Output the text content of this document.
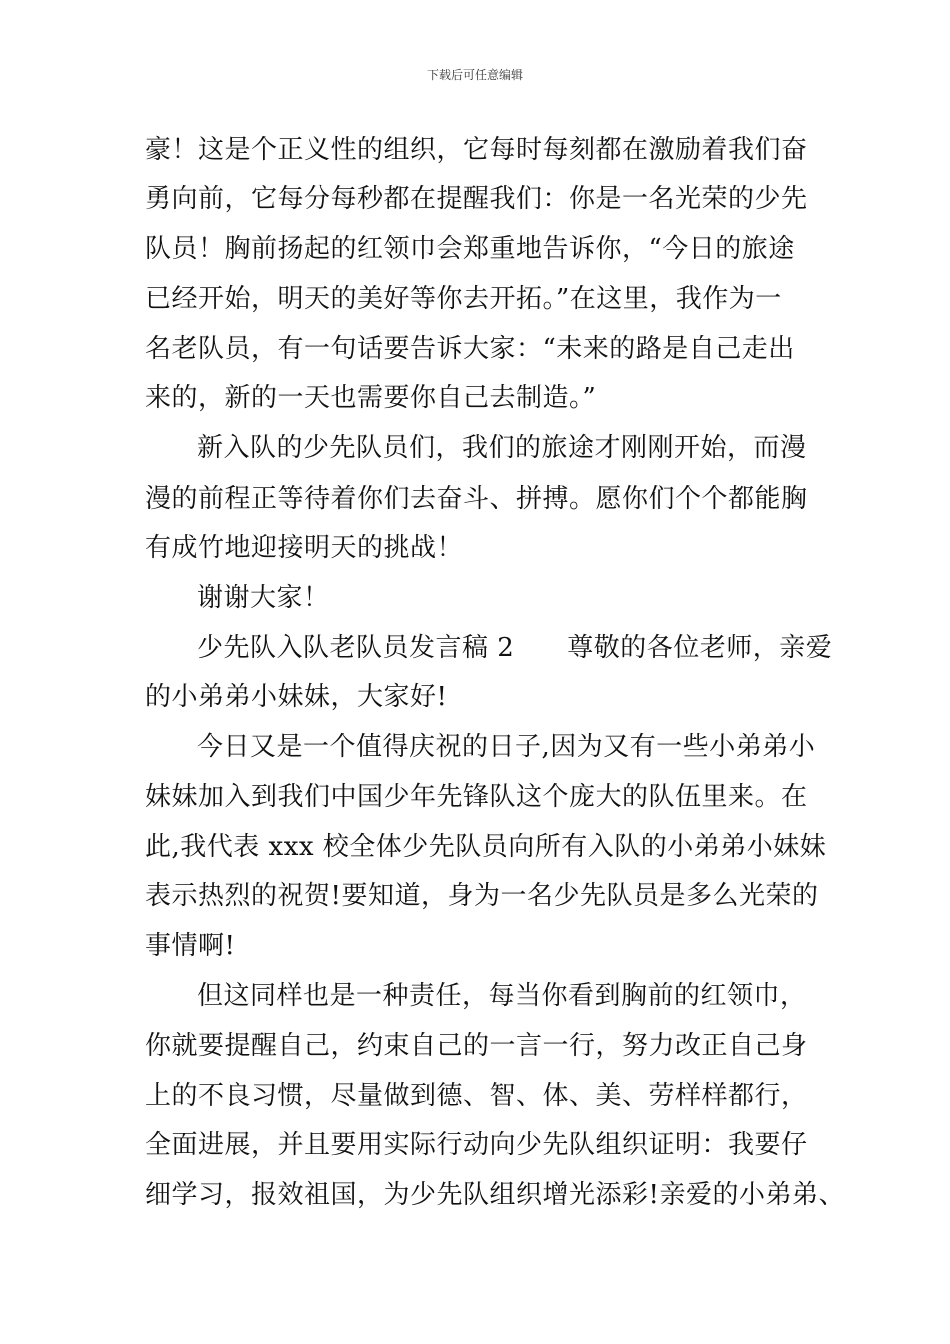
下载后可任意编辑
豪！这是个正义性的组织，它每时每刻都在激励着我们奋
勇向前，它每分每秒都在提醒我们：你是一名光荣的少先
队员！胸前扬起的红领巾会郑重地告诉你，“今日的旅途
已经开始，明天的美好等你去开拓。”在这里，我作为一
名老队员，有一句话要告诉大家：“未来的路是自己走出
来的，新的一天也需要你自己去制造。”
新入队的少先队员们，我们的旅途才刚刚开始，而漫
漫的前程正等待着你们去奋斗、拼搏。愿你们个个都能胸
有成竹地迎接明天的挑战！
谢谢大家！
少先队入队老队员发言稿 2　　尊敬的各位老师，亲爱
的小弟弟小妹妹，大家好!
今日又是一个值得庆祝的日子,因为又有一些小弟弟小
妹妹加入到我们中国少年先锋队这个庞大的队伍里来。在
此,我代表 xxx 校全体少先队员向所有入队的小弟弟小妹妹
表示热烈的祝贺!要知道，身为一名少先队员是多么光荣的
事情啊!
但这同样也是一种责任，每当你看到胸前的红领巾，
你就要提醒自己，约束自己的一言一行，努力改正自己身
上的不良习惯，尽量做到德、智、体、美、劳样样都行，
全面进展，并且要用实际行动向少先队组织证明：我要仔
细学习，报效祖国，为少先队组织增光添彩!亲爱的小弟弟、
